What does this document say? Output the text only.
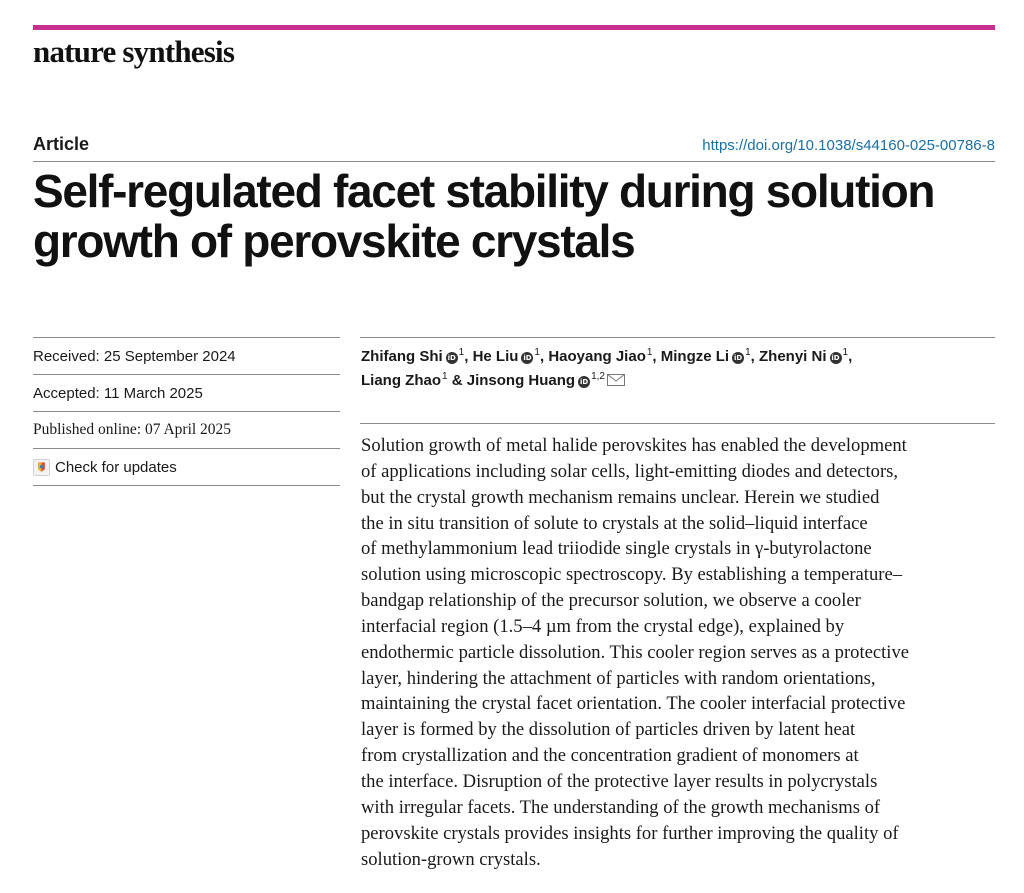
nature synthesis
Article	https://doi.org/10.1038/s44160-025-00786-8
Self-regulated facet stability during solution growth of perovskite crystals
Received: 25 September 2024
Accepted: 11 March 2025
Published online: 07 April 2025
Check for updates
Zhifang Shi iD $^1$, He Liu iD $^1$, Haoyang Jiao$^1$, Mingze Li iD $^1$, Zhenyi Ni iD $^1$,
Liang Zhao$^1$ & Jinsong Huang iD $^{1,2}$
Solution growth of metal halide perovskites has enabled the development
of applications including solar cells, light-emitting diodes and detectors,
but the crystal growth mechanism remains unclear. Herein we studied
the in situ transition of solute to crystals at the solid–liquid interface
of methylammonium lead triiodide single crystals in γ-butyrolactone
solution using microscopic spectroscopy. By establishing a temperature–
bandgap relationship of the precursor solution, we observe a cooler
interfacial region (1.5–4 µm from the crystal edge), explained by
endothermic particle dissolution. This cooler region serves as a protective
layer, hindering the attachment of particles with random orientations,
maintaining the crystal facet orientation. The cooler interfacial protective
layer is formed by the dissolution of particles driven by latent heat
from crystallization and the concentration gradient of monomers at
the interface. Disruption of the protective layer results in polycrystals
with irregular facets. The understanding of the growth mechanisms of
perovskite crystals provides insights for further improving the quality of
solution-grown crystals.
